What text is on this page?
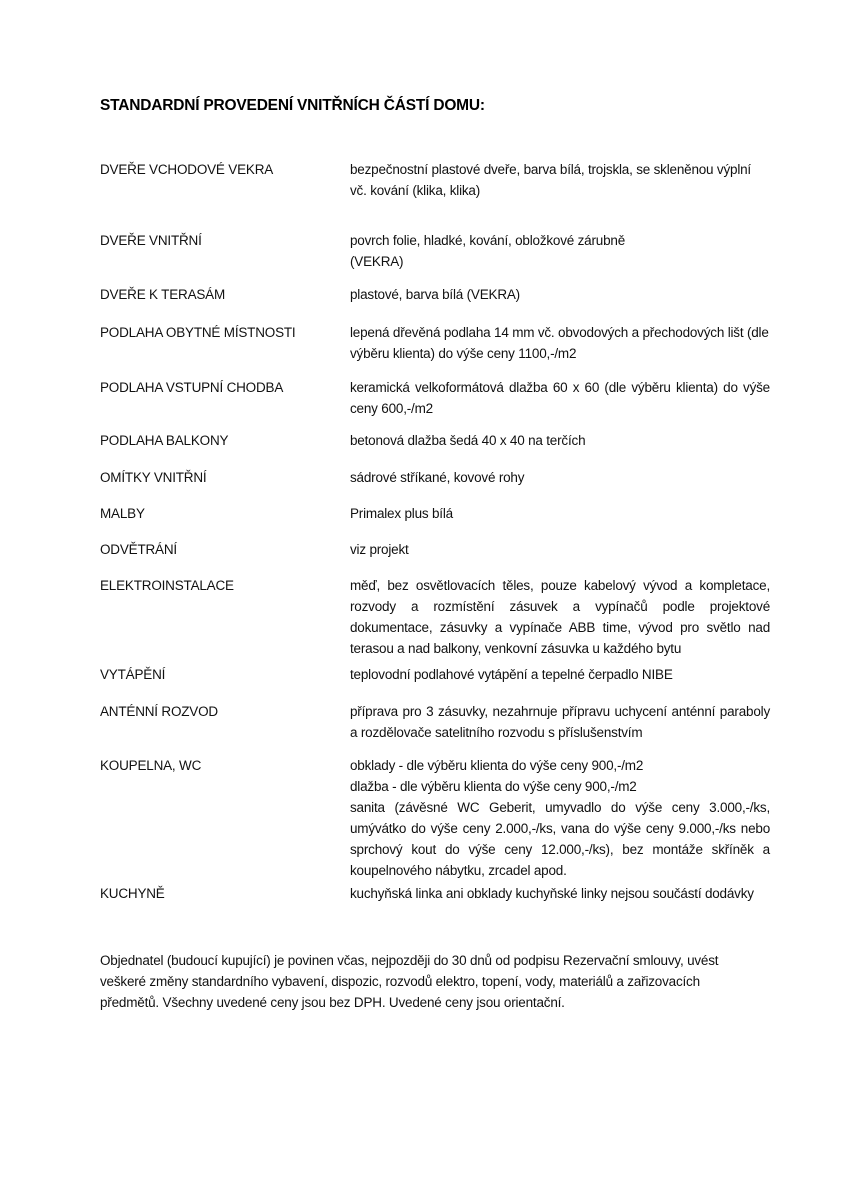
STANDARDNÍ PROVEDENÍ VNITŘNÍCH ČÁSTÍ DOMU:
DVEŘE VCHODOVÉ VEKRA	bezpečnostní plastové dveře, barva bílá, trojskla, se skleněnou výplní vč. kování (klika, klika)

DVEŘE VNITŘNÍ	povrch folie, hladké, kování, obložkové zárubně

(VEKRA)

DVEŘE K TERASÁM	plastové, barva bílá (VEKRA)

PODLAHA OBYTNÉ MÍSTNOSTI	lepená dřevěná podlaha 14 mm vč. obvodových a přechodových lišt (dle výběru klienta) do výše ceny 1100,-/m2

PODLAHA VSTUPNÍ CHODBA	keramická velkoformátová dlažba 60 x 60 (dle výběru klienta) do výše ceny 600,-/m2

PODLAHA BALKONY	betonová dlažba šedá 40 x 40 na terčích

OMÍTKY VNITŘNÍ	sádrové stříkané, kovové rohy

MALBY	Primalex plus bílá

ODVĚTRÁNÍ	viz projekt

ELEKTROINSTALACE	měď, bez osvětlovacích těles, pouze kabelový vývod a kompletace, rozvody a rozmístění zásuvek a vypínačů podle projektové dokumentace, zásuvky a vypínače ABB time, vývod pro světlo nad terasou a nad balkony, venkovní zásuvka u každého bytu

VYTÁPĚNÍ	teplovodní podlahové vytápění a tepelné čerpadlo NIBE

ANTÉNNÍ ROZVOD	příprava pro 3 zásuvky, nezahrnuje přípravu uchycení anténní paraboly a rozdělovače satelitního rozvodu s příslušenstvím

KOUPELNA, WC	obklady - dle výběru klienta do výše ceny 900,-/m2

dlažba - dle výběru klienta do výše ceny 900,-/m2

sanita (závěsné WC Geberit, umyvadlo do výše ceny 3.000,-/ks, umývátko do výše ceny 2.000,-/ks, vana do výše ceny 9.000,-/ks nebo sprchový kout do výše ceny 12.000,-/ks), bez montáže skříněk a koupelnového nábytku, zrcadel apod.

KUCHYNĚ	kuchyňská linka ani obklady kuchyňské linky nejsou součástí dodávky

Objednatel (budoucí kupující) je povinen včas, nejpozději do 30 dnů od podpisu Rezervační smlouvy, uvést veškeré změny standardního vybavení, dispozic, rozvodů elektro, topení, vody, materiálů a zařizovacích předmětů. Všechny uvedené ceny jsou bez DPH. Uvedené ceny jsou orientační.
